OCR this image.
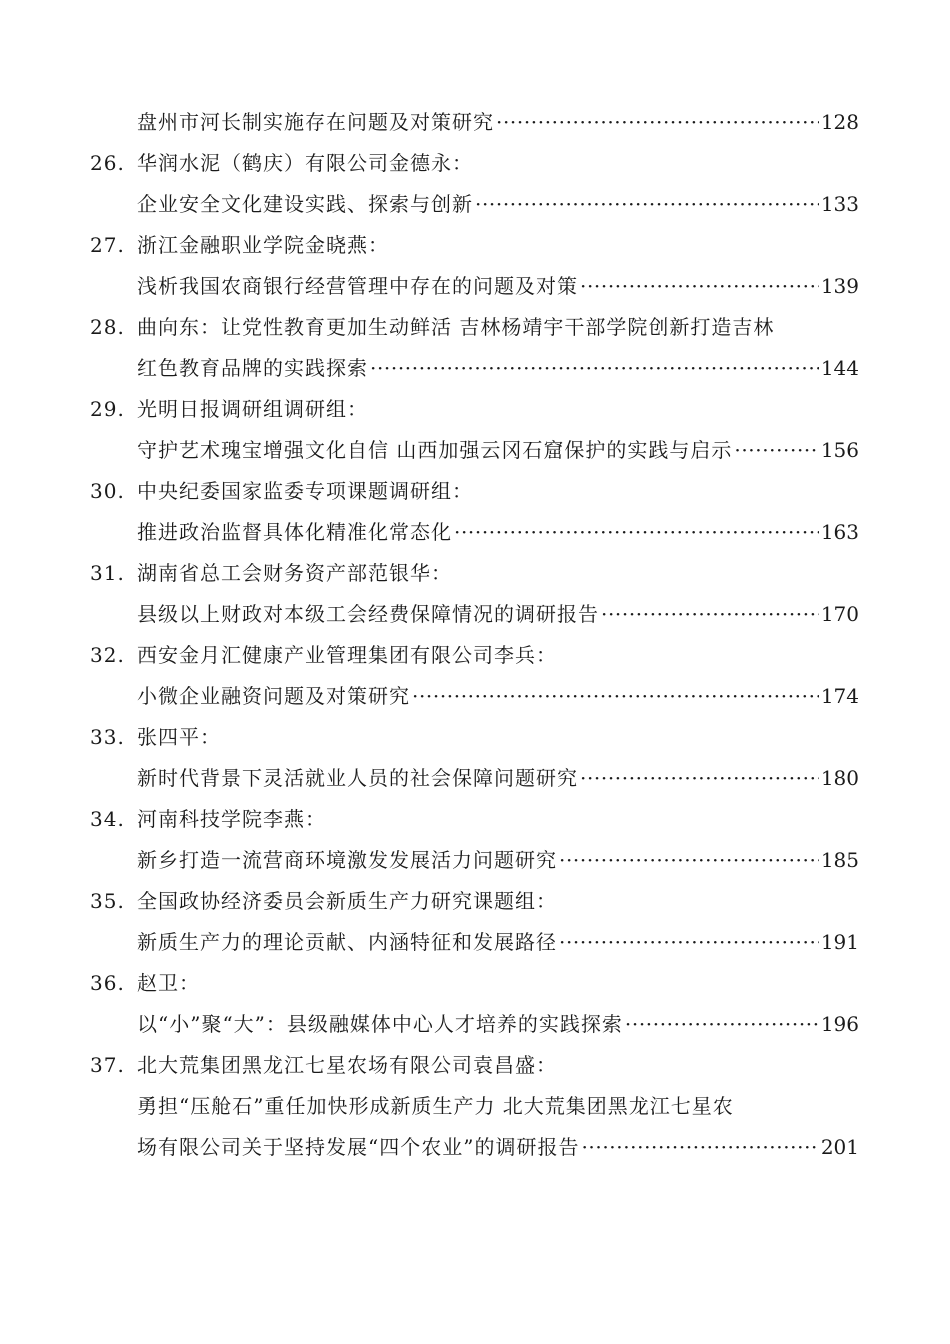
盘州市河长制实施存在问题及对策研究 ·····	128
26. 华润水泥（鹤庆）有限公司金德永：
企业安全文化建设实践、探索与创新 ·····	133
27. 浙江金融职业学院金晓燕：
浅析我国农商银行经营管理中存在的问题及对策 ·····	139
28. 曲向东：让党性教育更加生动鲜活 吉林杨靖宇干部学院创新打造吉林
红色教育品牌的实践探索 ·····	144
29. 光明日报调研组调研组：
守护艺术瑰宝增强文化自信 山西加强云冈石窟保护的实践与启示 ·····	156
30. 中央纪委国家监委专项课题调研组：
推进政治监督具体化精准化常态化 ·····	163
31. 湖南省总工会财务资产部范银华：
县级以上财政对本级工会经费保障情况的调研报告 ·····	170
32. 西安金月汇健康产业管理集团有限公司李兵：
小微企业融资问题及对策研究 ·····	174
33. 张四平：
新时代背景下灵活就业人员的社会保障问题研究 ·····	180
34. 河南科技学院李燕：
新乡打造一流营商环境激发发展活力问题研究 ·····	185
35. 全国政协经济委员会新质生产力研究课题组：
新质生产力的理论贡献、内涵特征和发展路径 ·····	191
36. 赵卫：
以“小”聚“大”：县级融媒体中心人才培养的实践探索 ·····	196
37. 北大荒集团黑龙江七星农场有限公司袁昌盛：
勇担“压舱石”重任加快形成新质生产力 北大荒集团黑龙江七星农
场有限公司关于坚持发展“四个农业”的调研报告 ·····	201
